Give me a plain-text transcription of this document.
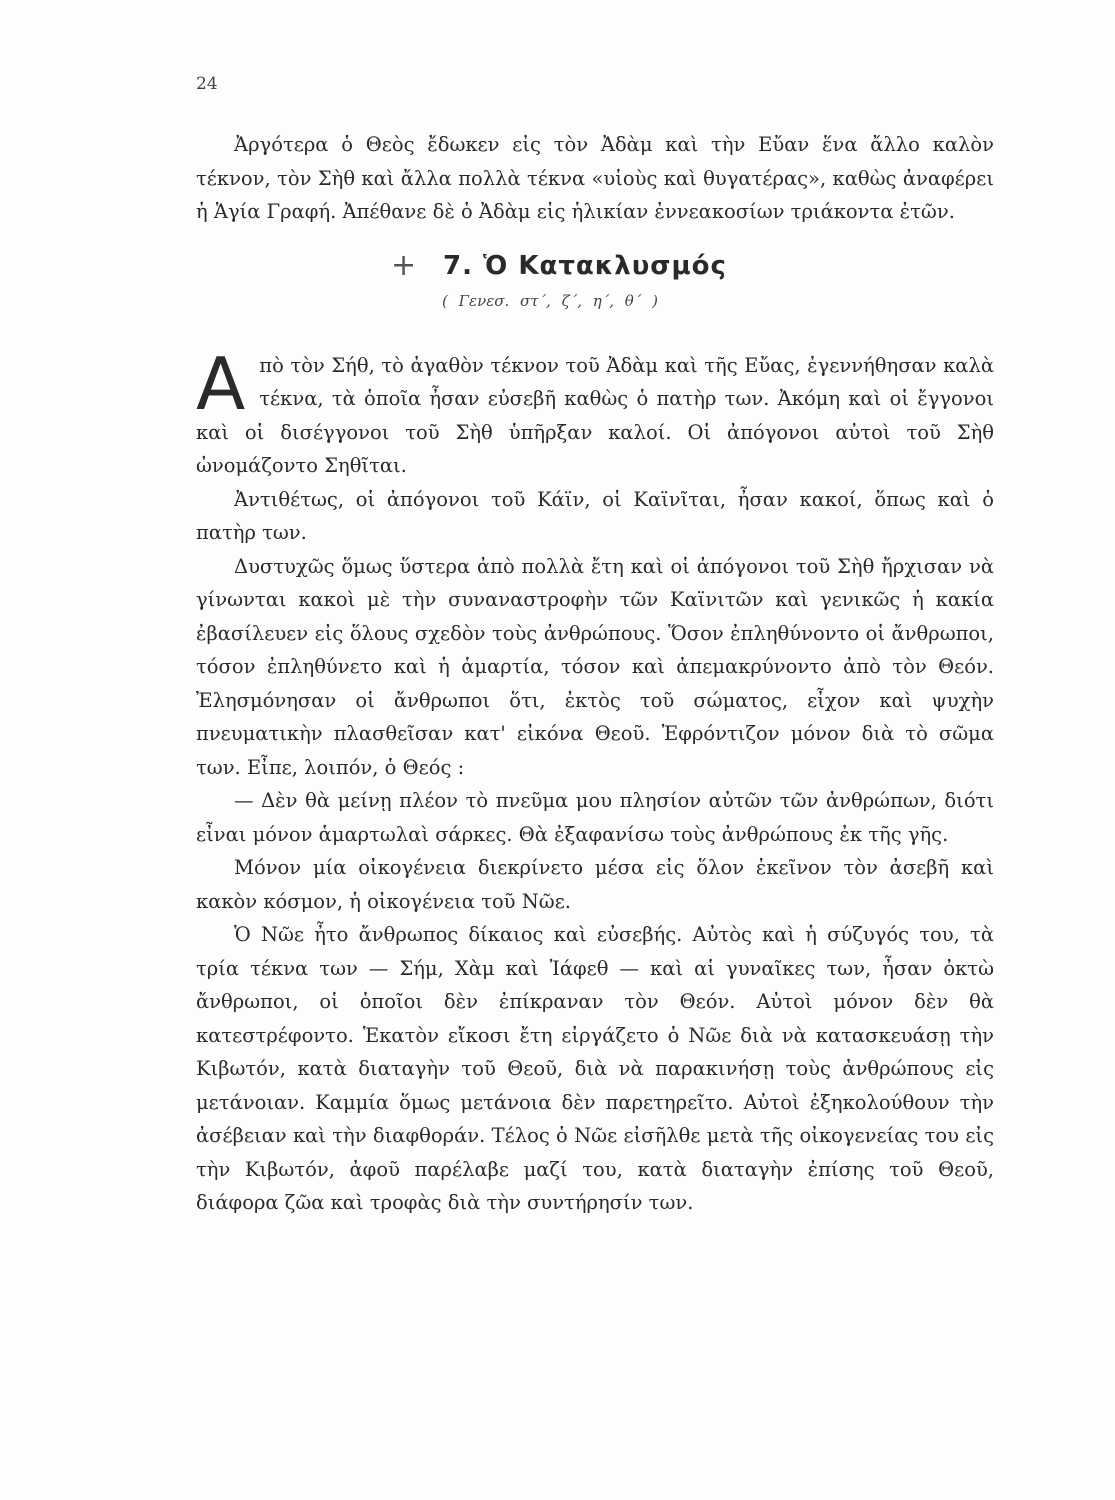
24

Ἀργότερα ὁ Θεὸς ἔδωκεν εἰς τὸν Ἀδὰμ καὶ τὴν Εὔαν ἕνα ἄλλο καλὸν τέκνον, τὸν Σὴθ καὶ ἄλλα πολλὰ τέκνα «υἱοὺς καὶ θυγατέρας», καθὼς ἀναφέρει ἡ Ἁγία Γραφή. Ἀπέθανε δὲ ὁ Ἀδὰμ εἰς ἡλικίαν ἐννεακοσίων τριάκοντα ἐτῶν.

+ 7. Ὁ Κατακλυσμός
( Γενεσ. στ΄, ζ΄, η΄, θ΄ )

Α πὸ τὸν Σήθ, τὸ ἀγαθὸν τέκνον τοῦ Ἀδὰμ καὶ τῆς Εὔας, ἐγεννήθησαν καλὰ τέκνα, τὰ ὁποῖα ἦσαν εὐσεβῆ καθὼς ὁ πατὴρ των. Ἀκόμη καὶ οἱ ἔγγονοι καὶ οἱ δισέγγονοι τοῦ Σὴθ ὑπῆρξαν καλοί. Οἱ ἀπόγονοι αὐτοὶ τοῦ Σὴθ ὠνομάζοντο Σηθῖται.

Ἀντιθέτως, οἱ ἀπόγονοι τοῦ Κάϊν, οἱ Καϊνῖται, ἦσαν κακοί, ὅπως καὶ ὁ πατὴρ των.

Δυστυχῶς ὅμως ὕστερα ἀπὸ πολλὰ ἔτη καὶ οἱ ἀπόγονοι τοῦ Σὴθ ἤρχισαν νὰ γίνωνται κακοὶ μὲ τὴν συναναστροφὴν τῶν Καϊνιτῶν καὶ γενικῶς ἡ κακία ἐβασίλευεν εἰς ὅλους σχεδὸν τοὺς ἀνθρώπους. Ὅσον ἐπληθύνοντο οἱ ἄνθρωποι, τόσον ἐπληθύνετο καὶ ἡ ἁμαρτία, τόσον καὶ ἀπεμακρύνοντο ἀπὸ τὸν Θεόν. Ἐλησμόνησαν οἱ ἄνθρωποι ὅτι, ἐκτὸς τοῦ σώματος, εἶχον καὶ ψυχὴν πνευματικὴν πλασθεῖσαν κατ' εἰκόνα Θεοῦ. Ἐφρόντιζον μόνον διὰ τὸ σῶμα των. Εἶπε, λοιπόν, ὁ Θεός :

— Δὲν θὰ μείνῃ πλέον τὸ πνεῦμα μου πλησίον αὐτῶν τῶν ἀνθρώπων, διότι εἶναι μόνον ἁμαρτωλαὶ σάρκες. Θὰ ἐξαφανίσω τοὺς ἀνθρώπους ἐκ τῆς γῆς.

Μόνον μία οἰκογένεια διεκρίνετο μέσα εἰς ὅλον ἐκεῖνον τὸν ἀσεβῆ καὶ κακὸν κόσμον, ἡ οἰκογένεια τοῦ Νῶε.

Ὁ Νῶε ἦτο ἄνθρωπος δίκαιος καὶ εὐσεβής. Αὐτὸς καὶ ἡ σύζυγός του, τὰ τρία τέκνα των — Σήμ, Χὰμ καὶ Ἰάφεθ — καὶ αἱ γυναῖκες των, ἦσαν ὀκτὼ ἄνθρωποι, οἱ ὁποῖοι δὲν ἐπίκραναν τὸν Θεόν. Αὐτοὶ μόνον δὲν θὰ κατεστρέφοντο. Ἑκατὸν εἴκοσι ἔτη εἰργάζετο ὁ Νῶε διὰ νὰ κατασκευάσῃ τὴν Κιβωτόν, κατὰ διαταγὴν τοῦ Θεοῦ, διὰ νὰ παρακινήσῃ τοὺς ἀνθρώπους εἰς μετάνοιαν. Καμμία ὅμως μετάνοια δὲν παρετηρεῖτο. Αὐτοὶ ἐξηκολούθουν τὴν ἀσέβειαν καὶ τὴν διαφθοράν. Τέλος ὁ Νῶε εἰσῆλθε μετὰ τῆς οἰκογενείας του εἰς τὴν Κιβωτόν, ἀφοῦ παρέλαβε μαζί του, κατὰ διαταγὴν ἐπίσης τοῦ Θεοῦ, διάφορα ζῶα καὶ τροφὰς διὰ τὴν συντήρησίν των.
